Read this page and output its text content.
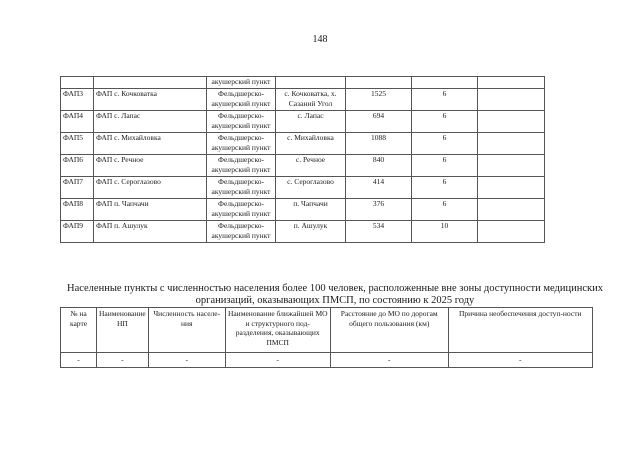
148
		акушерский пункт				
ФАП3	ФАП с. Кочковатка	Фельдшерско-акушерский пункт	с. Кочковатка, х. Сазаний Угол	1525	6	
ФАП4	ФАП с. Лапас	Фельдшерско-акушерский пункт	с. Лапас	694	6	
ФАП5	ФАП с. Михайловка	Фельдшерско-акушерский пункт	с. Михайловка	1088	6	
ФАП6	ФАП с. Речное	Фельдшерско-акушерский пункт	с. Речное	840	6	
ФАП7	ФАП с. Сероглазово	Фельдшерско-акушерский пункт	с. Сероглазово	414	6	
ФАП8	ФАП п. Чапчачи	Фельдшерско-акушерский пункт	п. Чапчачи	376	6	
ФАП9	ФАП п. Ашулук	Фельдшерско-акушерский пункт	п. Ашулук	534	10	
Населенные пункты с численностью населения более 100 человек, расположенные вне зоны доступности медицинских организаций, оказывающих ПМСП, по состоянию к 2025 году
№ на карте	Наименование НП	Численность населе-ния	Наименование ближайшей МО и структурного под-разделения, оказывающих ПМСП	Расстояние до МО по дорогам общего пользования (км)	Причина необеспечения доступ-ности
-	-	-	-	-	-
